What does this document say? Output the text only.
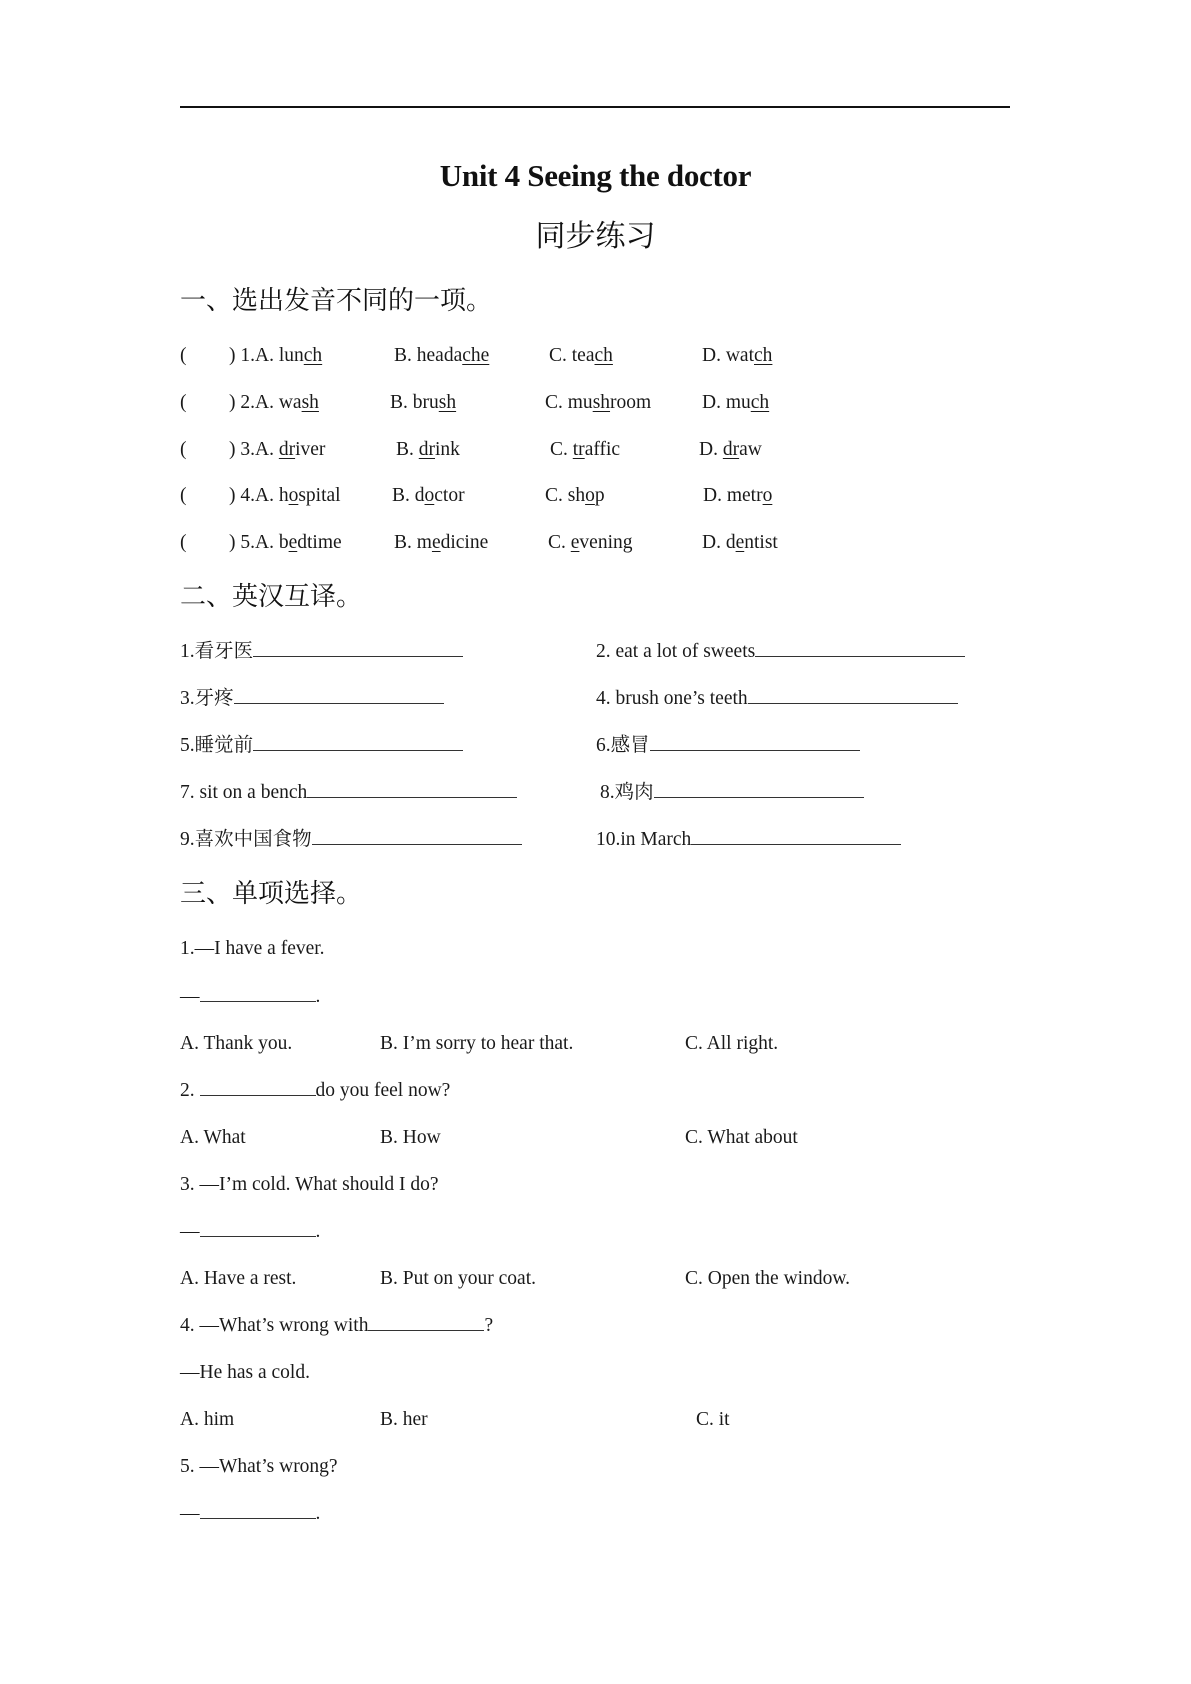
Unit 4 Seeing the doctor
同步练习
一、选出发音不同的一项。
( ) 1.A. lunch	B. headache	C. teach	D. watch
( ) 2.A. wash	B. brush	C. mushroom	D. much
( ) 3.A. driver	B. drink	C. traffic	D. draw
( ) 4.A. hospital	B. doctor	C. shop	D. metro
( ) 5.A. bedtime	B. medicine	C. evening	D. dentist
二、英汉互译。
1.看牙医	2. eat a lot of sweets
3.牙疼	4. brush one’s teeth
5.睡觉前	6.感冒
7. sit on a bench	8.鸡肉
9.喜欢中国食物	10.in March
三、单项选择。
1.—I have a fever.
—	.
A. Thank you.	B. I’m sorry to hear that.	C. All right.
2.	do you feel now?
A. What	B. How	C. What about
3. —I’m cold. What should I do?
—	.
A. Have a rest.	B. Put on your coat.	C. Open the window.
4. —What’s wrong with	?
—He has a cold.
A. him	B. her	C. it
5. —What’s wrong?
—	.
